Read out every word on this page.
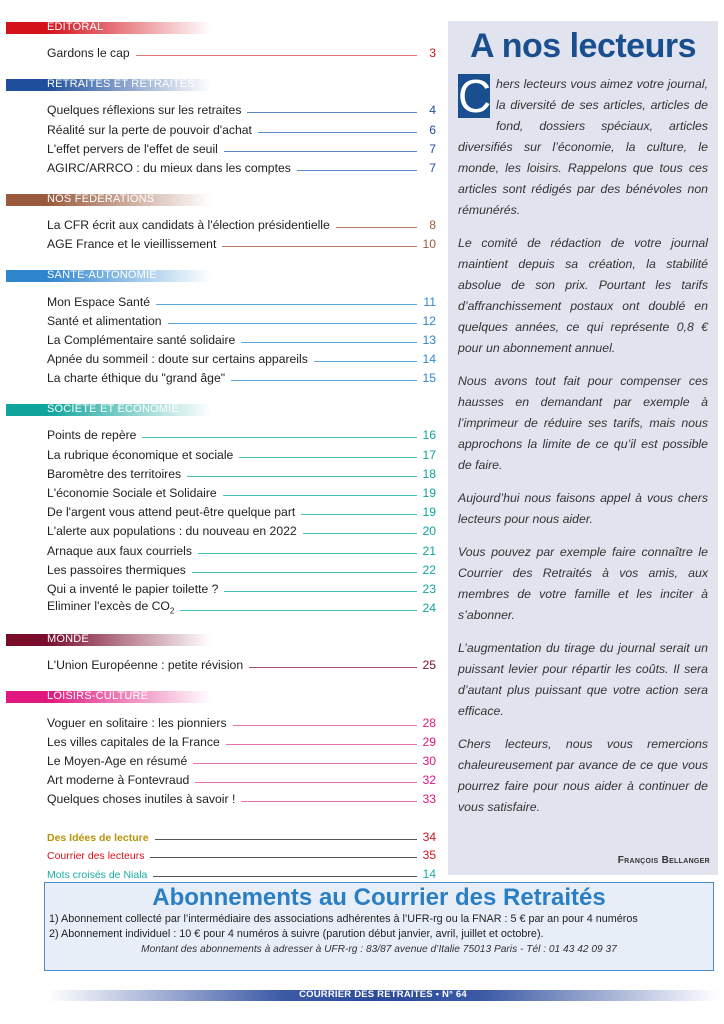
EDITORAL
Gardons le cap	3
RETRAITES ET RETRAITES
Quelques réflexions sur les retraites	4
Réalité sur la perte de pouvoir d'achat	6
L'effet pervers de l'effet de seuil	7
AGIRC/ARRCO : du mieux dans les comptes	7
NOS FEDERATIONS
La CFR écrit aux candidats à l'élection présidentielle	8
AGE France et le vieillissement	10
SANTE-AUTONOMIE
Mon Espace Santé	11
Santé et alimentation	12
La Complémentaire santé solidaire	13
Apnée du sommeil : doute sur certains appareils	14
La charte éthique du "grand âge"	15
SOCIETE ET ECONOMIE
Points de repère	16
La rubrique économique et sociale	17
Baromètre des territoires	18
L'économie Sociale et Solidaire	19
De l'argent vous attend peut-être quelque part	19
L'alerte aux populations : du nouveau en 2022	20
Arnaque aux faux courriels	21
Les passoires thermiques	22
Qui a inventé le papier toilette ?	23
Eliminer l'excès de $CO_2$	24
MONDE
L'Union Européenne : petite révision	25
LOISIRS-CULTURE
Voguer en solitaire : les pionniers	28
Les villes capitales de la France	29
Le Moyen-Age en résumé	30
Art moderne à Fontevraud	32
Quelques choses inutiles à savoir !	33
Des Idées de lecture	34
Courrier des lecteurs	35
Mots croisés de Niala	14
A nos lecteurs

C hers lecteurs vous aimez votre journal, la diversité de ses articles, articles de fond, dossiers spéciaux, articles diversifiés sur l’économie, la culture, le monde, les loisirs. Rappelons que tous ces articles sont rédigés par des bénévoles non rémunérés.

Le comité de rédaction de votre journal maintient depuis sa création, la stabilité absolue de son prix. Pourtant les tarifs d’affranchissement postaux ont doublé en quelques années, ce qui représente 0,8 € pour un abonnement annuel.

Nous avons tout fait pour compenser ces hausses en demandant par exemple à l’imprimeur de réduire ses tarifs, mais nous approchons la limite de ce qu’il est possible de faire.

Aujourd’hui nous faisons appel à vous chers lecteurs pour nous aider.

Vous pouvez par exemple faire connaître le Courrier des Retraités à vos amis, aux membres de votre famille et les inciter à s’abonner.

L’augmentation du tirage du journal serait un puissant levier pour répartir les coûts. Il sera d’autant plus puissant que votre action sera efficace.

Chers lecteurs, nous vous remercions chaleureusement par avance de ce que vous pourrez faire pour nous aider à continuer de vous satisfaire.

François Bellanger
Abonnements au Courrier des Retraités
1) Abonnement collecté par l’intermédiaire des associations adhérentes à l’UFR-rg ou la FNAR : 5 € par an pour 4 numéros
2) Abonnement individuel : 10 € pour 4 numéros à suivre (parution début janvier, avril, juillet et octobre).
Montant des abonnements à adresser à UFR-rg : 83/87 avenue d’Italie 75013 Paris - Tél : 01 43 42 09 37
COURRIER DES RETRAITÉS • N° 64
